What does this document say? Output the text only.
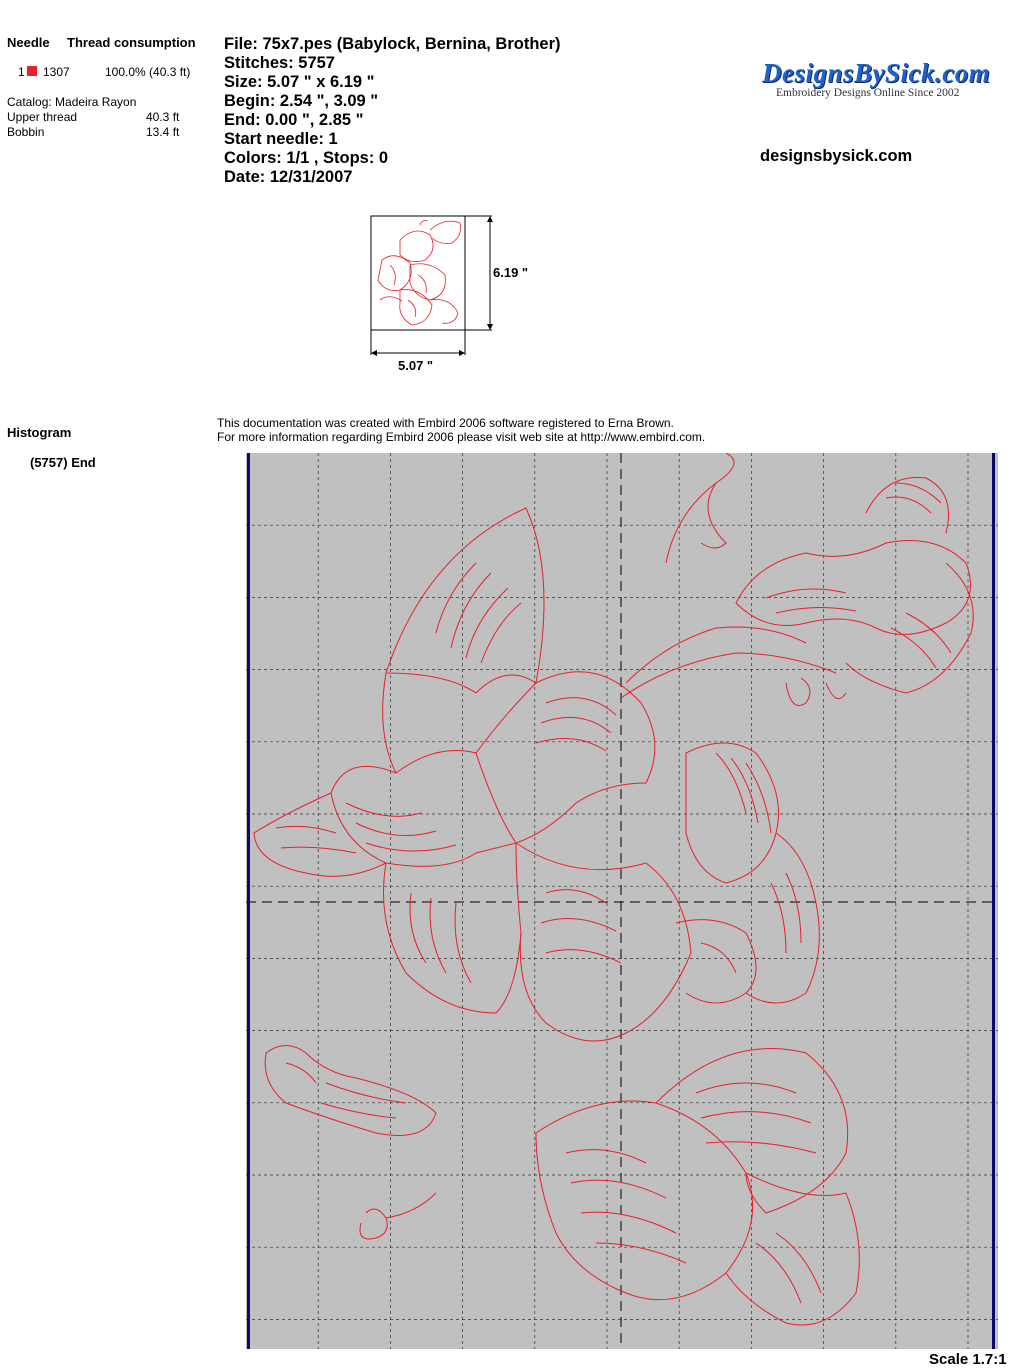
Needle Thread consumption
1 1307	100.0% (40.3 ft)
Catalog: Madeira Rayon
Upper thread	40.3 ft
Bobbin	13.4 ft
File: 75x7.pes (Babylock, Bernina, Brother)
Stitches: 5757
Size: 5.07 " x 6.19 "
Begin: 2.54 ", 3.09 "
End: 0.00 ", 2.85 "
Start needle: 1
Colors: 1/1 , Stops: 0
Date: 12/31/2007
DesignsBySick.com
Embroidery Designs Online Since 2002
designsbysick.com
6.19 "
5.07 "
Histogram
(5757) End
This documentation was created with Embird 2006 software registered to Erna Brown.
For more information regarding Embird 2006 please visit web site at http://www.embird.com.
Scale 1.7:1
